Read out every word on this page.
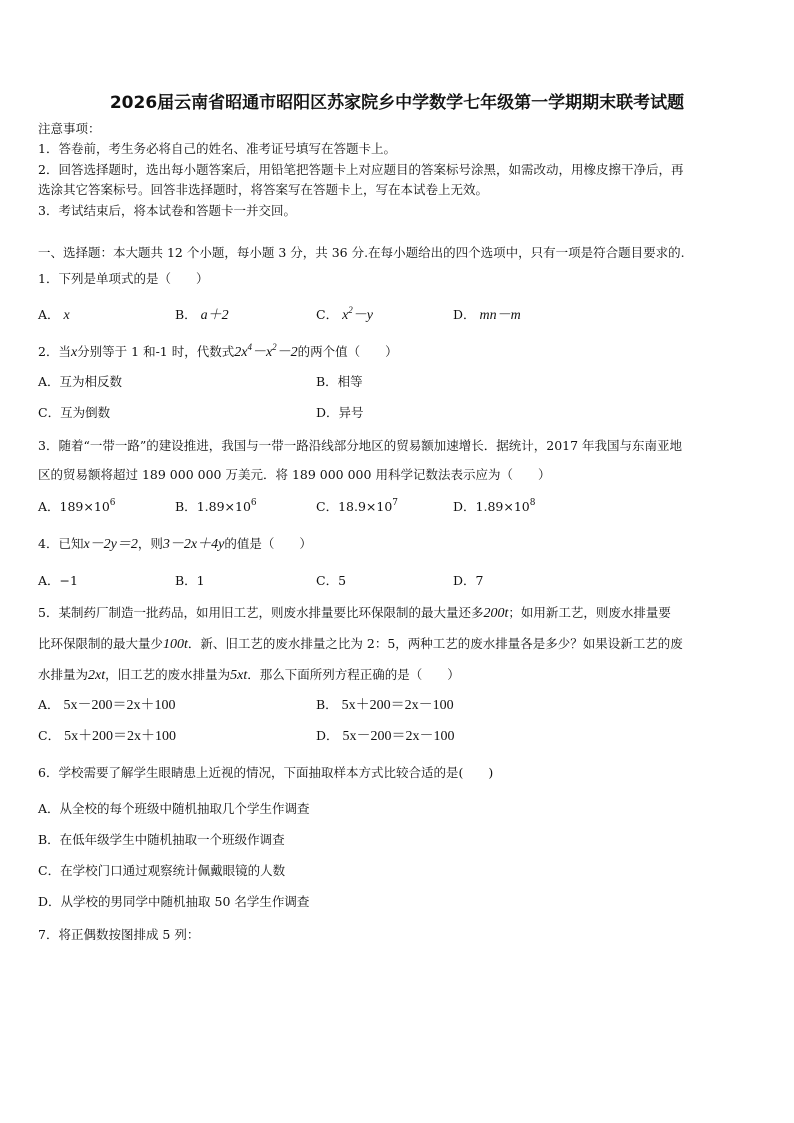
2026届云南省昭通市昭阳区苏家院乡中学数学七年级第一学期期末联考试题
注意事项：
1．答卷前，考生务必将自己的姓名、准考证号填写在答题卡上。
2．回答选择题时，选出每小题答案后，用铅笔把答题卡上对应题目的答案标号涂黑，如需改动，用橡皮擦干净后，再
选涂其它答案标号。回答非选择题时，将答案写在答题卡上，写在本试卷上无效。
3．考试结束后，将本试卷和答题卡一并交回。
一、选择题：本大题共 12 个小题，每小题 3 分，共 36 分.在每小题给出的四个选项中，只有一项是符合题目要求的.
1．下列是单项式的是（　　）
A． x	B． a＋2	C． $x^2-y$	D． mn－m
2．当x分别等于 1 和-1 时，代数式$2x^4-x^2-2$的两个值（　　）
A．互为相反数	B．相等
C．互为倒数	D．异号
3．随着“一带一路”的建设推进，我国与一带一路沿线部分地区的贸易额加速增长．据统计，2017 年我国与东南亚地
区的贸易额将超过 189 000 000 万美元．将 189 000 000 用科学记数法表示应为（　　）
A．$189\times 10^6$	B．$1.89\times 10^6$	C．$18.9\times 10^7$	D．$1.89\times 10^8$
4．已知x－2y＝2，则3－2x＋4y的值是（　　）
A．−1	B．1	C．5	D．7
5．某制药厂制造一批药品，如用旧工艺，则废水排量要比环保限制的最大量还多200t；如用新工艺，则废水排量要
比环保限制的最大量少100t．新、旧工艺的废水排量之比为 2：5，两种工艺的废水排量各是多少？如果设新工艺的废
水排量为2xt，旧工艺的废水排量为5xt．那么下面所列方程正确的是（　　）
A． 5x－200＝2x＋100	B． 5x＋200＝2x－100
C． 5x＋200＝2x＋100	D． 5x－200＝2x－100
6．学校需要了解学生眼睛患上近视的情况，下面抽取样本方式比较合适的是(　　)
A．从全校的每个班级中随机抽取几个学生作调查
B．在低年级学生中随机抽取一个班级作调查
C．在学校门口通过观察统计佩戴眼镜的人数
D．从学校的男同学中随机抽取 50 名学生作调查
7．将正偶数按图排成 5 列：
